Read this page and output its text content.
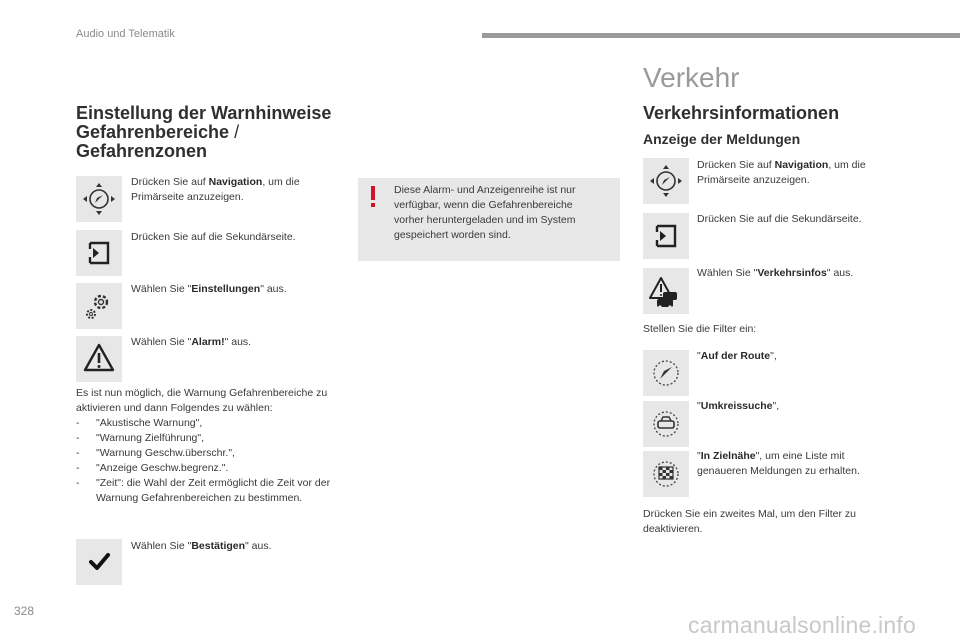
Audio und Telematik
328
carmanualsonline.info
Einstellung der Warnhinweise
Gefahrenbereiche /
Gefahrenzonen
Drücken Sie auf Navigation, um die Primärseite anzuzeigen.
Drücken Sie auf die Sekundärseite.
Wählen Sie "Einstellungen" aus.
Wählen Sie "Alarm!" aus.
Es ist nun möglich, die Warnung Gefahrenbereiche zu aktivieren und dann Folgendes zu wählen:
- "Akustische Warnung",
- "Warnung Zielführung",
- "Warnung Geschw.überschr.",
- "Anzeige Geschw.begrenz.".
- "Zeit": die Wahl der Zeit ermöglicht die Zeit vor der Warnung Gefahrenbereichen zu bestimmen.
Wählen Sie "Bestätigen" aus.
Diese Alarm- und Anzeigenreihe ist nur verfügbar, wenn die Gefahrenbereiche vorher heruntergeladen und im System gespeichert worden sind.
Verkehr
Verkehrsinformationen
Anzeige der Meldungen
Drücken Sie auf Navigation, um die Primärseite anzuzeigen.
Drücken Sie auf die Sekundärseite.
Wählen Sie "Verkehrsinfos" aus.
Stellen Sie die Filter ein:
"Auf der Route",
"Umkreissuche",
"In Zielnähe", um eine Liste mit genaueren Meldungen zu erhalten.
Drücken Sie ein zweites Mal, um den Filter zu deaktivieren.
